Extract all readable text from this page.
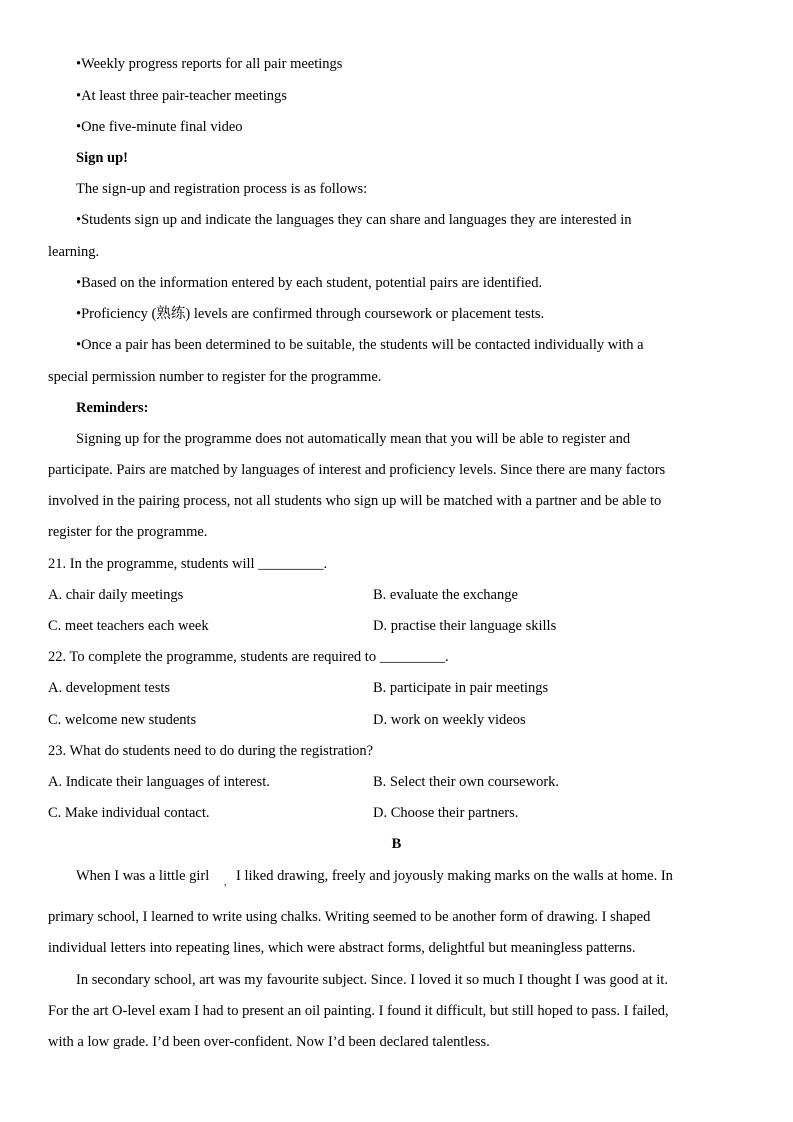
•Weekly progress reports for all pair meetings
•At least three pair-teacher meetings
•One five-minute final video
Sign up!
The sign-up and registration process is as follows:
•Students sign up and indicate the languages they can share and languages they are interested in
learning.
•Based on the information entered by each student, potential pairs are identified.
•Proficiency (熟练) levels are confirmed through coursework or placement tests.
•Once a pair has been determined to be suitable, the students will be contacted individually with a
special permission number to register for the programme.
Reminders:
Signing up for the programme does not automatically mean that you will be able to register and
participate. Pairs are matched by languages of interest and proficiency levels. Since there are many factors
involved in the pairing process, not all students who sign up will be matched with a partner and be able to
register for the programme.
21. In the programme, students will _________.
A. chair daily meetings	B. evaluate the exchange
C. meet teachers each week	D. practise their language skills
22. To complete the programme, students are required to _________.
A. development tests	B. participate in pair meetings
C. welcome new students	D. work on weekly videos
23. What do students need to do during the registration?
A. Indicate their languages of interest.	B. Select their own coursework.
C. Make individual contact.	D. Choose their partners.
B
When I was a little girl , I liked drawing, freely and joyously making marks on the walls at home. In
primary school, I learned to write using chalks. Writing seemed to be another form of drawing. I shaped
individual letters into repeating lines, which were abstract forms, delightful but meaningless patterns.
In secondary school, art was my favourite subject. Since. I loved it so much I thought I was good at it.
For the art O-level exam I had to present an oil painting. I found it difficult, but still hoped to pass. I failed,
with a low grade. I’d been over-confident. Now I’d been declared talentless.
